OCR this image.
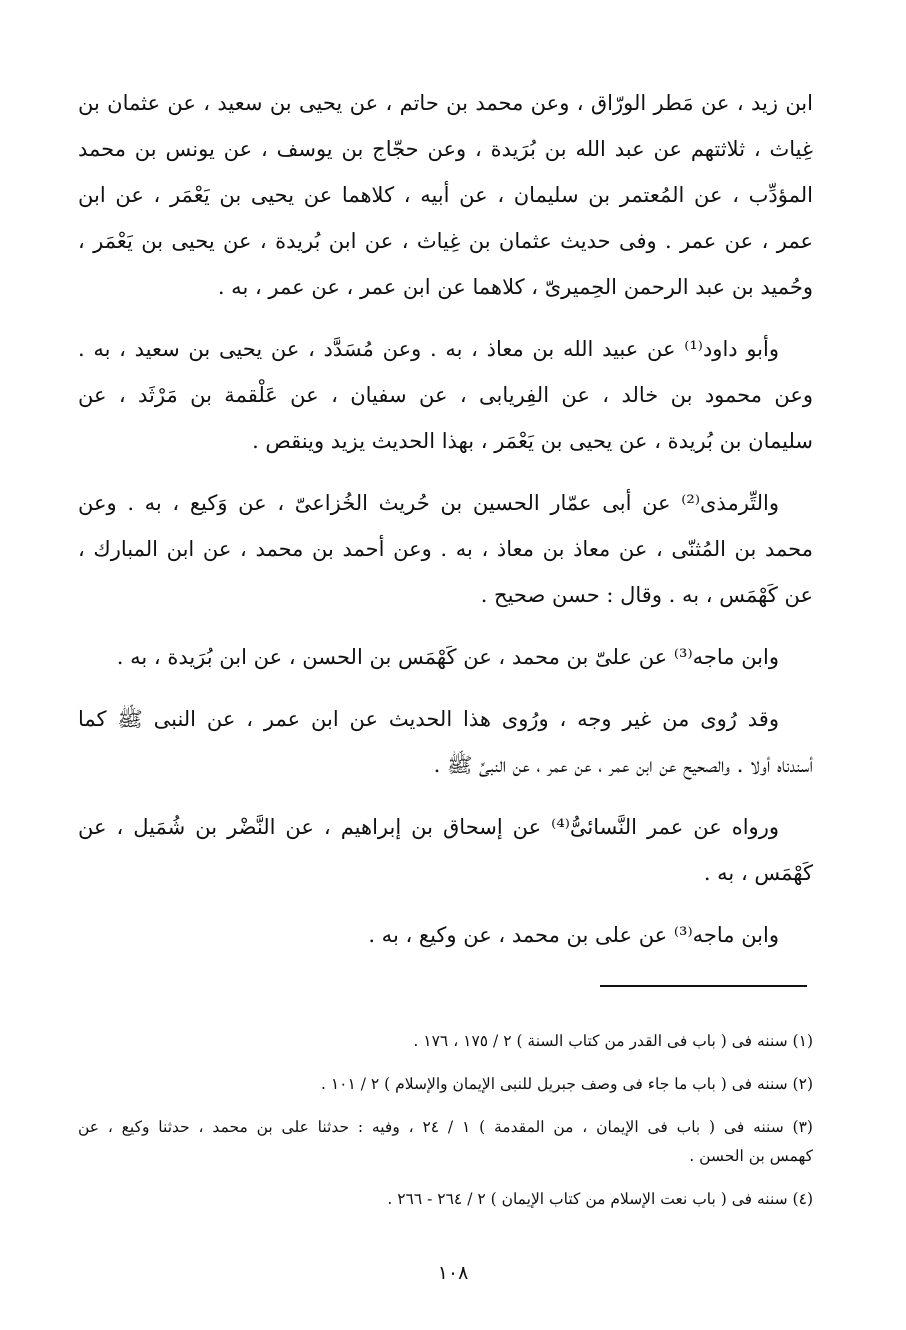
ابن زيد ، عن مَطر الورّاق ، وعن محمد بن حاتم ، عن يحيى بن سعيد ، عن عثمان بن
غِياث ، ثلاثتهم عن عبد الله بن بُرَيدة ، وعن حجّاج بن يوسف ، عن يونس بن محمد
المؤدِّب ، عن المُعتمر بن سليمان ، عن أبيه ، كلاهما عن يحيى بن يَعْمَر ، عن ابن
عمر ، عن عمر . وفى حديث عثمان بن غِياث ، عن ابن بُريدة ، عن يحيى بن يَعْمَر ،
وحُميد بن عبد الرحمن الحِميرىّ ، كلاهما عن ابن عمر ، عن عمر ، به .
وأبو داود⁽¹⁾ عن عبيد الله بن معاذ ، به . وعن مُسَدَّد ، عن يحيى بن سعيد ، به .
وعن محمود بن خالد ، عن الفِريابى ، عن سفيان ، عن عَلْقمة بن مَرْثَد ، عن
سليمان بن بُريدة ، عن يحيى بن يَعْمَر ، بهذا الحديث يزيد وينقص .
والتِّرمذى⁽²⁾ عن أبى عمّار الحسين بن حُريث الخُزاعىّ ، عن وَكيع ، به . وعن
محمد بن المُثنّى ، عن معاذ بن معاذ ، به . وعن أحمد بن محمد ، عن ابن المبارك ،
عن كَهْمَس ، به . وقال : حسن صحيح .
وابن ماجه⁽³⁾ عن علىّ بن محمد ، عن كَهْمَس بن الحسن ، عن ابن بُرَيدة ، به .
وقد رُوى من غير وجه ، ورُوى هذا الحديث عن ابن عمر ، عن النبى ﷺ كما
أسندناه أولا . والصحيح عن ابن عمر ، عن عمر ، عن النبىِّ ﷺ .
ورواه عن عمر النَّسائىُّ⁽⁴⁾ عن إسحاق بن إبراهيم ، عن النَّضْر بن شُمَيل ، عن
كَهْمَس ، به .
وابن ماجه⁽³⁾ عن على بن محمد ، عن وكيع ، به .
(١) سننه فى ( باب فى القدر من كتاب السنة ) ٢ / ١٧٥ ، ١٧٦ .
(٢) سننه فى ( باب ما جاء فى وصف جبريل للنبى الإيمان والإسلام ) ٢ / ١٠١ .
(٣) سننه فى ( باب فى الإيمان ، من المقدمة ) ١ / ٢٤ ، وفيه : حدثنا على بن محمد ، حدثنا وكيع ، عن
كهمس بن الحسن .
(٤) سننه فى ( باب نعت الإسلام من كتاب الإيمان ) ٢ / ٢٦٤ - ٢٦٦ .
١٠٨
